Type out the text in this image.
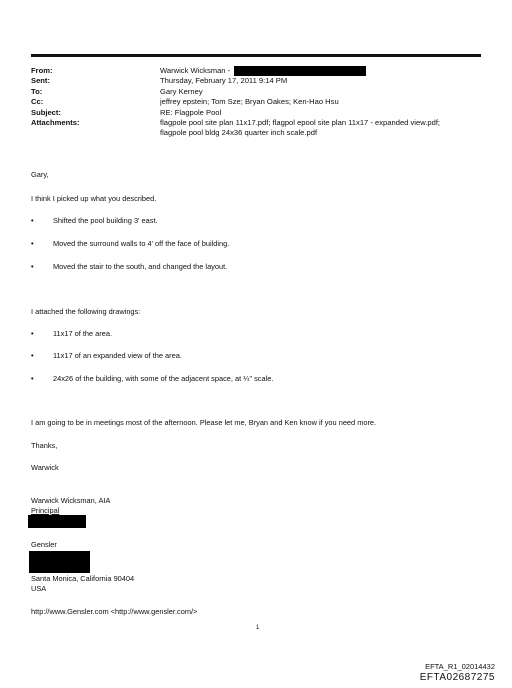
From:	Warwick Wicksman -
Sent:	Thursday, February 17, 2011 9:14 PM
To:	Gary Kerney
Cc:	jeffrey epstein; Tom Sze; Bryan Oakes; Ken-Hao Hsu
Subject:	RE: Flagpole Pool
Attachments:	flagpole pool site plan 11x17.pdf; flagpol epool site plan 11x17 - expanded view.pdf;
flagpole pool bldg 24x36 quarter inch scale.pdf
Gary,
I think I picked up what you described.
•	Shifted the pool building 3' east.
•	Moved the surround walls to 4' off the face of building.
•	Moved the stair to the south, and changed the layout.
I attached the following drawings:
•	11x17 of the area.
•	11x17 of an expanded view of the area.
•	24x26 of the building, with some of the adjacent space, at ¼" scale.
I am going to be in meetings most of the afternoon. Please let me, Bryan and Ken know if you need more.
Thanks,
Warwick
Warwick Wicksman, AIA
Principal
Gensler
Santa Monica, California 90404
USA
http://www.Gensler.com <http://www.gensler.com/>
1
EFTA_R1_02014432
EFTA02687275
